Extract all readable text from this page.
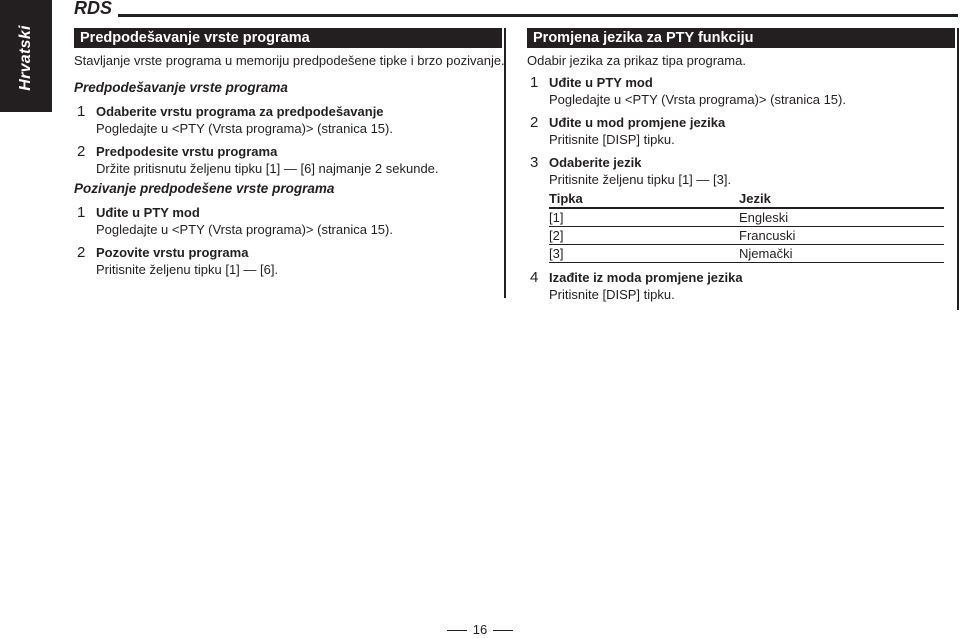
Hrvatski
RDS
Predpodešavanje vrste programa

Stavljanje vrste programa u memoriju predpodešene tipke i brzo pozivanje.

Predpodešavanje vrste programa

1 Odaberite vrstu programa za predpodešavanje
Pogledajte u <PTY (Vrsta programa)> (stranica 15).
2 Predpodesite vrstu programa
Držite pritisnutu željenu tipku [1] — [6] najmanje 2 sekunde.

Pozivanje predpodešene vrste programa

1 Uđite u PTY mod
Pogledajte u <PTY (Vrsta programa)> (stranica 15).
2 Pozovite vrstu programa
Pritisnite željenu tipku [1] — [6].
Promjena jezika za PTY funkciju

Odabir jezika za prikaz tipa programa.

1 Uđite u PTY mod
Pogledajte u <PTY (Vrsta programa)> (stranica 15).
2 Uđite u mod promjene jezika
Pritisnite [DISP] tipku.
3 Odaberite jezik
Pritisnite željenu tipku [1] — [3].
Tipka	Jezik
[1]	Engleski
[2]	Francuski
[3]	Njemački
4 Izađite iz moda promjene jezika
Pritisnite [DISP] tipku.
16
